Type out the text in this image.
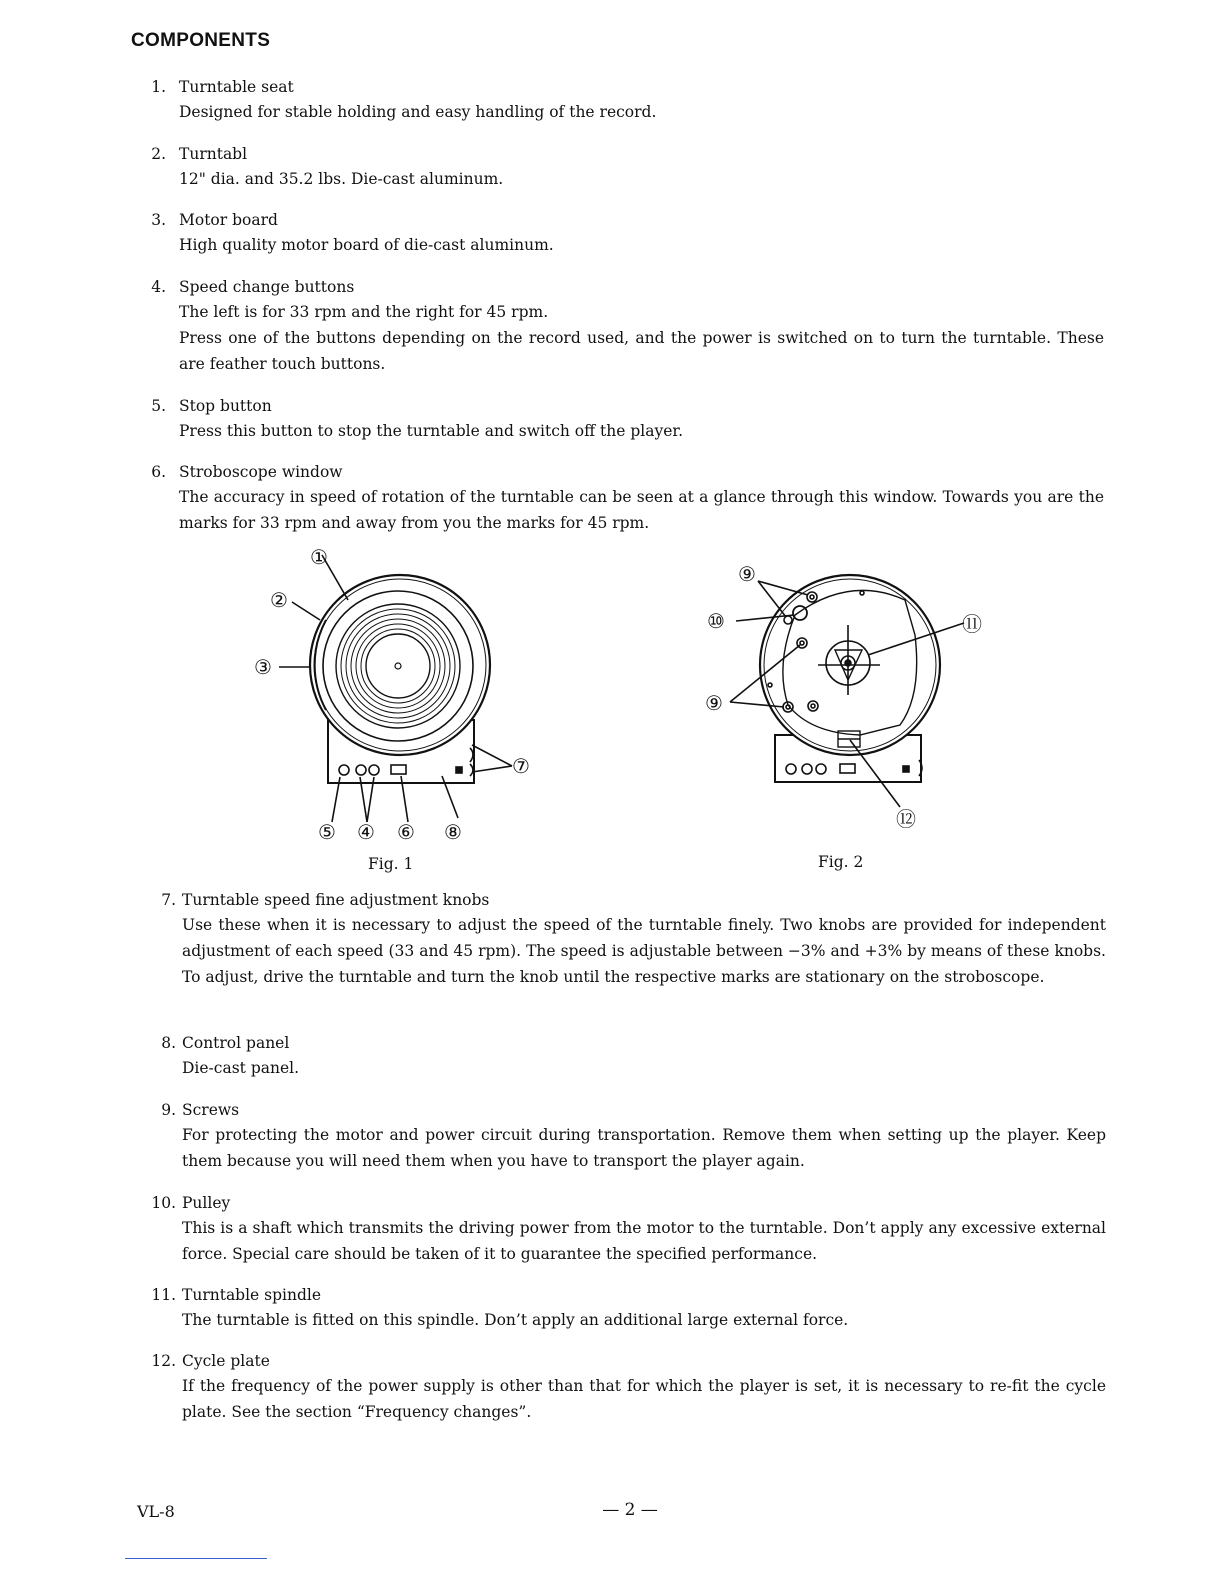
COMPONENTS
1. Turntable seat

Designed for stable holding and easy handling of the record.

2. Turntabl

12" dia. and 35.2 lbs. Die-cast aluminum.

3. Motor board

High quality motor board of die-cast aluminum.

4. Speed change buttons

The left is for 33 rpm and the right for 45 rpm.

Press one of the buttons depending on the record used, and the power is switched on to turn the turntable. These are feather touch buttons.

5. Stop button

Press this button to stop the turntable and switch off the player.

6. Stroboscope window

The accuracy in speed of rotation of the turntable can be seen at a glance through this window. Towards you are the marks for 33 rpm and away from you the marks for 45 rpm.

①
②
③
⑦
⑤ ④ ⑥ ⑧
Fig. 1
⑨
⑩	⑪
⑨
⑫
Fig. 2
7. Turntable speed fine adjustment knobs

Use these when it is necessary to adjust the speed of the turntable finely. Two knobs are provided for independent adjustment of each speed (33 and 45 rpm). The speed is adjustable between −3% and +3% by means of these knobs. To adjust, drive the turntable and turn the knob until the respective marks are stationary on the stroboscope.

8. Control panel

Die-cast panel.

9. Screws

For protecting the motor and power circuit during transportation. Remove them when setting up the player. Keep them because you will need them when you have to transport the player again.

10. Pulley

This is a shaft which transmits the driving power from the motor to the turntable. Don’t apply any excessive external force. Special care should be taken of it to guarantee the specified performance.

11. Turntable spindle

The turntable is fitted on this spindle. Don’t apply an additional large external force.

12. Cycle plate

If the frequency of the power supply is other than that for which the player is set, it is necessary to re-fit the cycle plate. See the section “Frequency changes”.

VL-8	— 2 —
